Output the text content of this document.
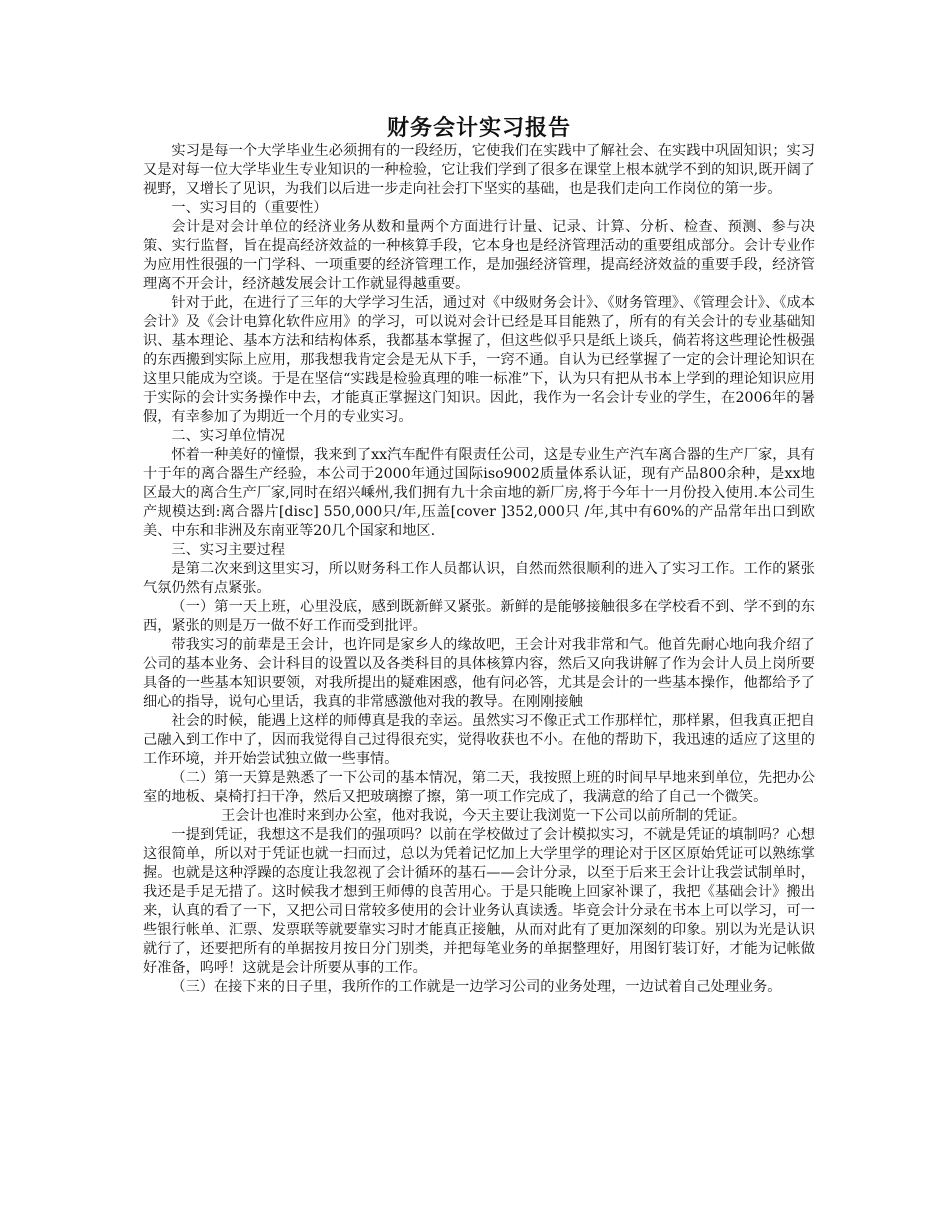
财务会计实习报告

实习是每一个大学毕业生必须拥有的一段经历，它使我们在实践中了解社会、在实践中巩固知识；实习又是对每一位大学毕业生专业知识的一种检验，它让我们学到了很多在课堂上根本就学不到的知识,既开阔了视野，又增长了见识，为我们以后进一步走向社会打下坚实的基础，也是我们走向工作岗位的第一步。

一、实习目的（重要性）

会计是对会计单位的经济业务从数和量两个方面进行计量、记录、计算、分析、检查、预测、参与决策、实行监督，旨在提高经济效益的一种核算手段，它本身也是经济管理活动的重要组成部分。会计专业作为应用性很强的一门学科、一项重要的经济管理工作，是加强经济管理，提高经济效益的重要手段，经济管理离不开会计，经济越发展会计工作就显得越重要。

针对于此，在进行了三年的大学学习生活，通过对《中级财务会计》、《财务管理》、《管理会计》、《成本会计》及《会计电算化软件应用》的学习，可以说对会计已经是耳目能熟了，所有的有关会计的专业基础知识、基本理论、基本方法和结构体系，我都基本掌握了，但这些似乎只是纸上谈兵，倘若将这些理论性极强的东西搬到实际上应用，那我想我肯定会是无从下手，一窍不通。自认为已经掌握了一定的会计理论知识在这里只能成为空谈。于是在坚信“实践是检验真理的唯一标准”下，认为只有把从书本上学到的理论知识应用于实际的会计实务操作中去，才能真正掌握这门知识。因此，我作为一名会计专业的学生，在2006年的暑假，有幸参加了为期近一个月的专业实习。

二、实习单位情况

怀着一种美好的憧憬，我来到了xx汽车配件有限责任公司，这是专业生产汽车离合器的生产厂家，具有十于年的离合器生产经验，本公司于2000年通过国际iso9002质量体系认证，现有产品800余种，是xx地区最大的离合生产厂家,同时在绍兴嵊州,我们拥有九十余亩地的新厂房,将于今年十一月份投入使用.本公司生产规模达到:离合器片[disc] 550,000只/年,压盖[cover ]352,000只 /年,其中有60%的产品常年出口到欧美、中东和非洲及东南亚等20几个国家和地区.

三、实习主要过程

是第二次来到这里实习，所以财务科工作人员都认识，自然而然很顺利的进入了实习工作。工作的紧张气氛仍然有点紧张。

（一）第一天上班，心里没底，感到既新鲜又紧张。新鲜的是能够接触很多在学校看不到、学不到的东西，紧张的则是万一做不好工作而受到批评。

带我实习的前辈是王会计，也许同是家乡人的缘故吧，王会计对我非常和气。他首先耐心地向我介绍了公司的基本业务、会计科目的设置以及各类科目的具体核算内容，然后又向我讲解了作为会计人员上岗所要具备的一些基本知识要领，对我所提出的疑难困惑，他有问必答，尤其是会计的一些基本操作，他都给予了细心的指导，说句心里话，我真的非常感激他对我的教导。在刚刚接触

社会的时候，能遇上这样的师傅真是我的幸运。虽然实习不像正式工作那样忙，那样累，但我真正把自己融入到工作中了，因而我觉得自己过得很充实，觉得收获也不小。在他的帮助下，我迅速的适应了这里的工作环境，并开始尝试独立做一些事情。

（二）第一天算是熟悉了一下公司的基本情况，第二天，我按照上班的时间早早地来到单位，先把办公室的地板、桌椅打扫干净，然后又把玻璃擦了擦，第一项工作完成了，我满意的给了自己一个微笑。

王会计也准时来到办公室，他对我说，今天主要让我浏览一下公司以前所制的凭证。

一提到凭证，我想这不是我们的强项吗？以前在学校做过了会计模拟实习，不就是凭证的填制吗？心想这很简单，所以对于凭证也就一扫而过，总以为凭着记忆加上大学里学的理论对于区区原始凭证可以熟练掌握。也就是这种浮躁的态度让我忽视了会计循环的基石——会计分录，以至于后来王会计让我尝试制单时，我还是手足无措了。这时候我才想到王师傅的良苦用心。于是只能晚上回家补课了，我把《基础会计》搬出来，认真的看了一下，又把公司日常较多使用的会计业务认真读透。毕竟会计分录在书本上可以学习，可一些银行帐单、汇票、发票联等就要靠实习时才能真正接触，从而对此有了更加深刻的印象。别以为光是认识就行了，还要把所有的单据按月按日分门别类，并把每笔业务的单据整理好，用图钉装订好，才能为记帐做好准备，呜呼！这就是会计所要从事的工作。

（三）在接下来的日子里，我所作的工作就是一边学习公司的业务处理，一边试着自己处理业务。
